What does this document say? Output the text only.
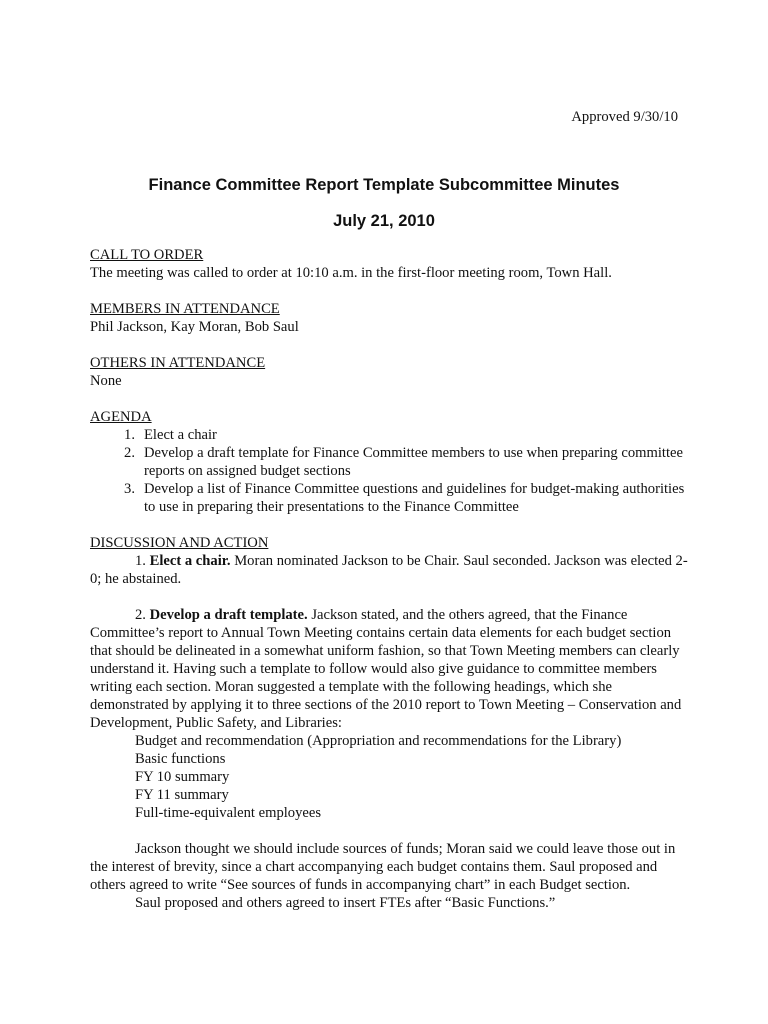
Approved 9/30/10
Finance Committee Report Template Subcommittee Minutes
July 21, 2010
CALL TO ORDER

The meeting was called to order at 10:10 a.m. in the first-floor meeting room, Town Hall.

MEMBERS IN ATTENDANCE

Phil Jackson, Kay Moran, Bob Saul

OTHERS IN ATTENDANCE

None

AGENDA
1. Elect a chair
2. Develop a draft template for Finance Committee members to use when preparing committee reports on assigned budget sections
3. Develop a list of Finance Committee questions and guidelines for budget-making authorities to use in preparing their presentations to the Finance Committee
DISCUSSION AND ACTION

1. Elect a chair. Moran nominated Jackson to be Chair. Saul seconded. Jackson was elected 2-0; he abstained.

2. Develop a draft template. Jackson stated, and the others agreed, that the Finance Committee’s report to Annual Town Meeting contains certain data elements for each budget section that should be delineated in a somewhat uniform fashion, so that Town Meeting members can clearly understand it. Having such a template to follow would also give guidance to committee members writing each section. Moran suggested a template with the following headings, which she demonstrated by applying it to three sections of the 2010 report to Town Meeting – Conservation and Development, Public Safety, and Libraries:

Budget and recommendation (Appropriation and recommendations for the Library)
Basic functions
FY 10 summary
FY 11 summary
Full-time-equivalent employees

Jackson thought we should include sources of funds; Moran said we could leave those out in the interest of brevity, since a chart accompanying each budget contains them. Saul proposed and others agreed to write “See sources of funds in accompanying chart” in each Budget section.

Saul proposed and others agreed to insert FTEs after “Basic Functions.”
